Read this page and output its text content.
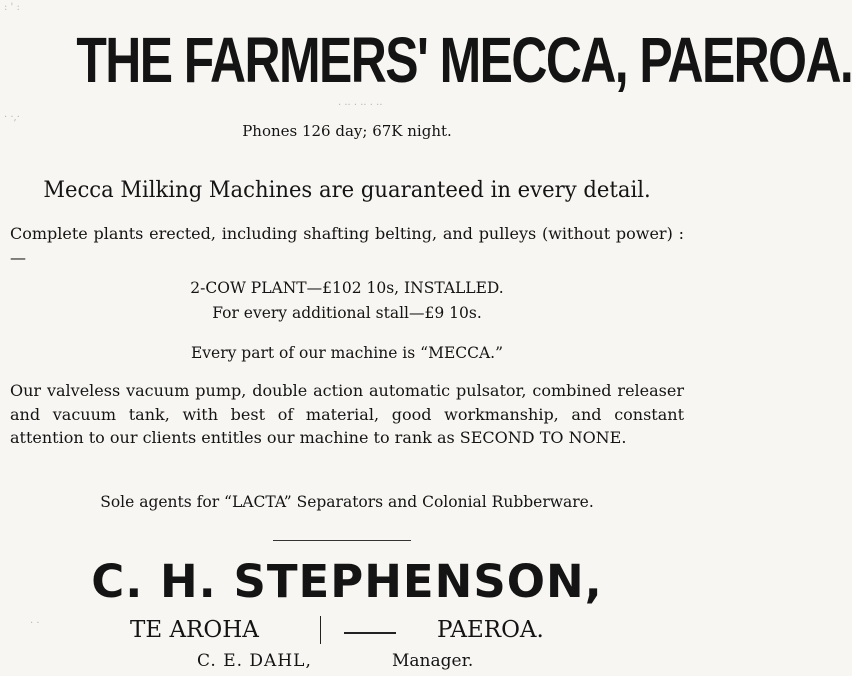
: ' :
· ·,·
· ·· · ·· · ··
· ·
THE FARMERS' MECCA, PAEROA.
Phones 126 day; 67K night.
Mecca Milking Machines are guaranteed in every detail.
Complete plants erected, including shafting belting, and pulleys (without power) :—
2-COW PLANT—£102 10s, INSTALLED.
For every additional stall—£9 10s.
Every part of our machine is “MECCA.”
Our valveless vacuum pump, double action automatic pulsator, combined releaser and vacuum tank, with best of material, good workmanship, and constant attention to our clients entitles our machine to rank as SECOND TO NONE.
Sole agents for “LACTA” Separators and Colonial Rubberware.
C. H. STEPHENSON,
TE AROHA	PAEROA.
C. E. DAHL,	Manager.
